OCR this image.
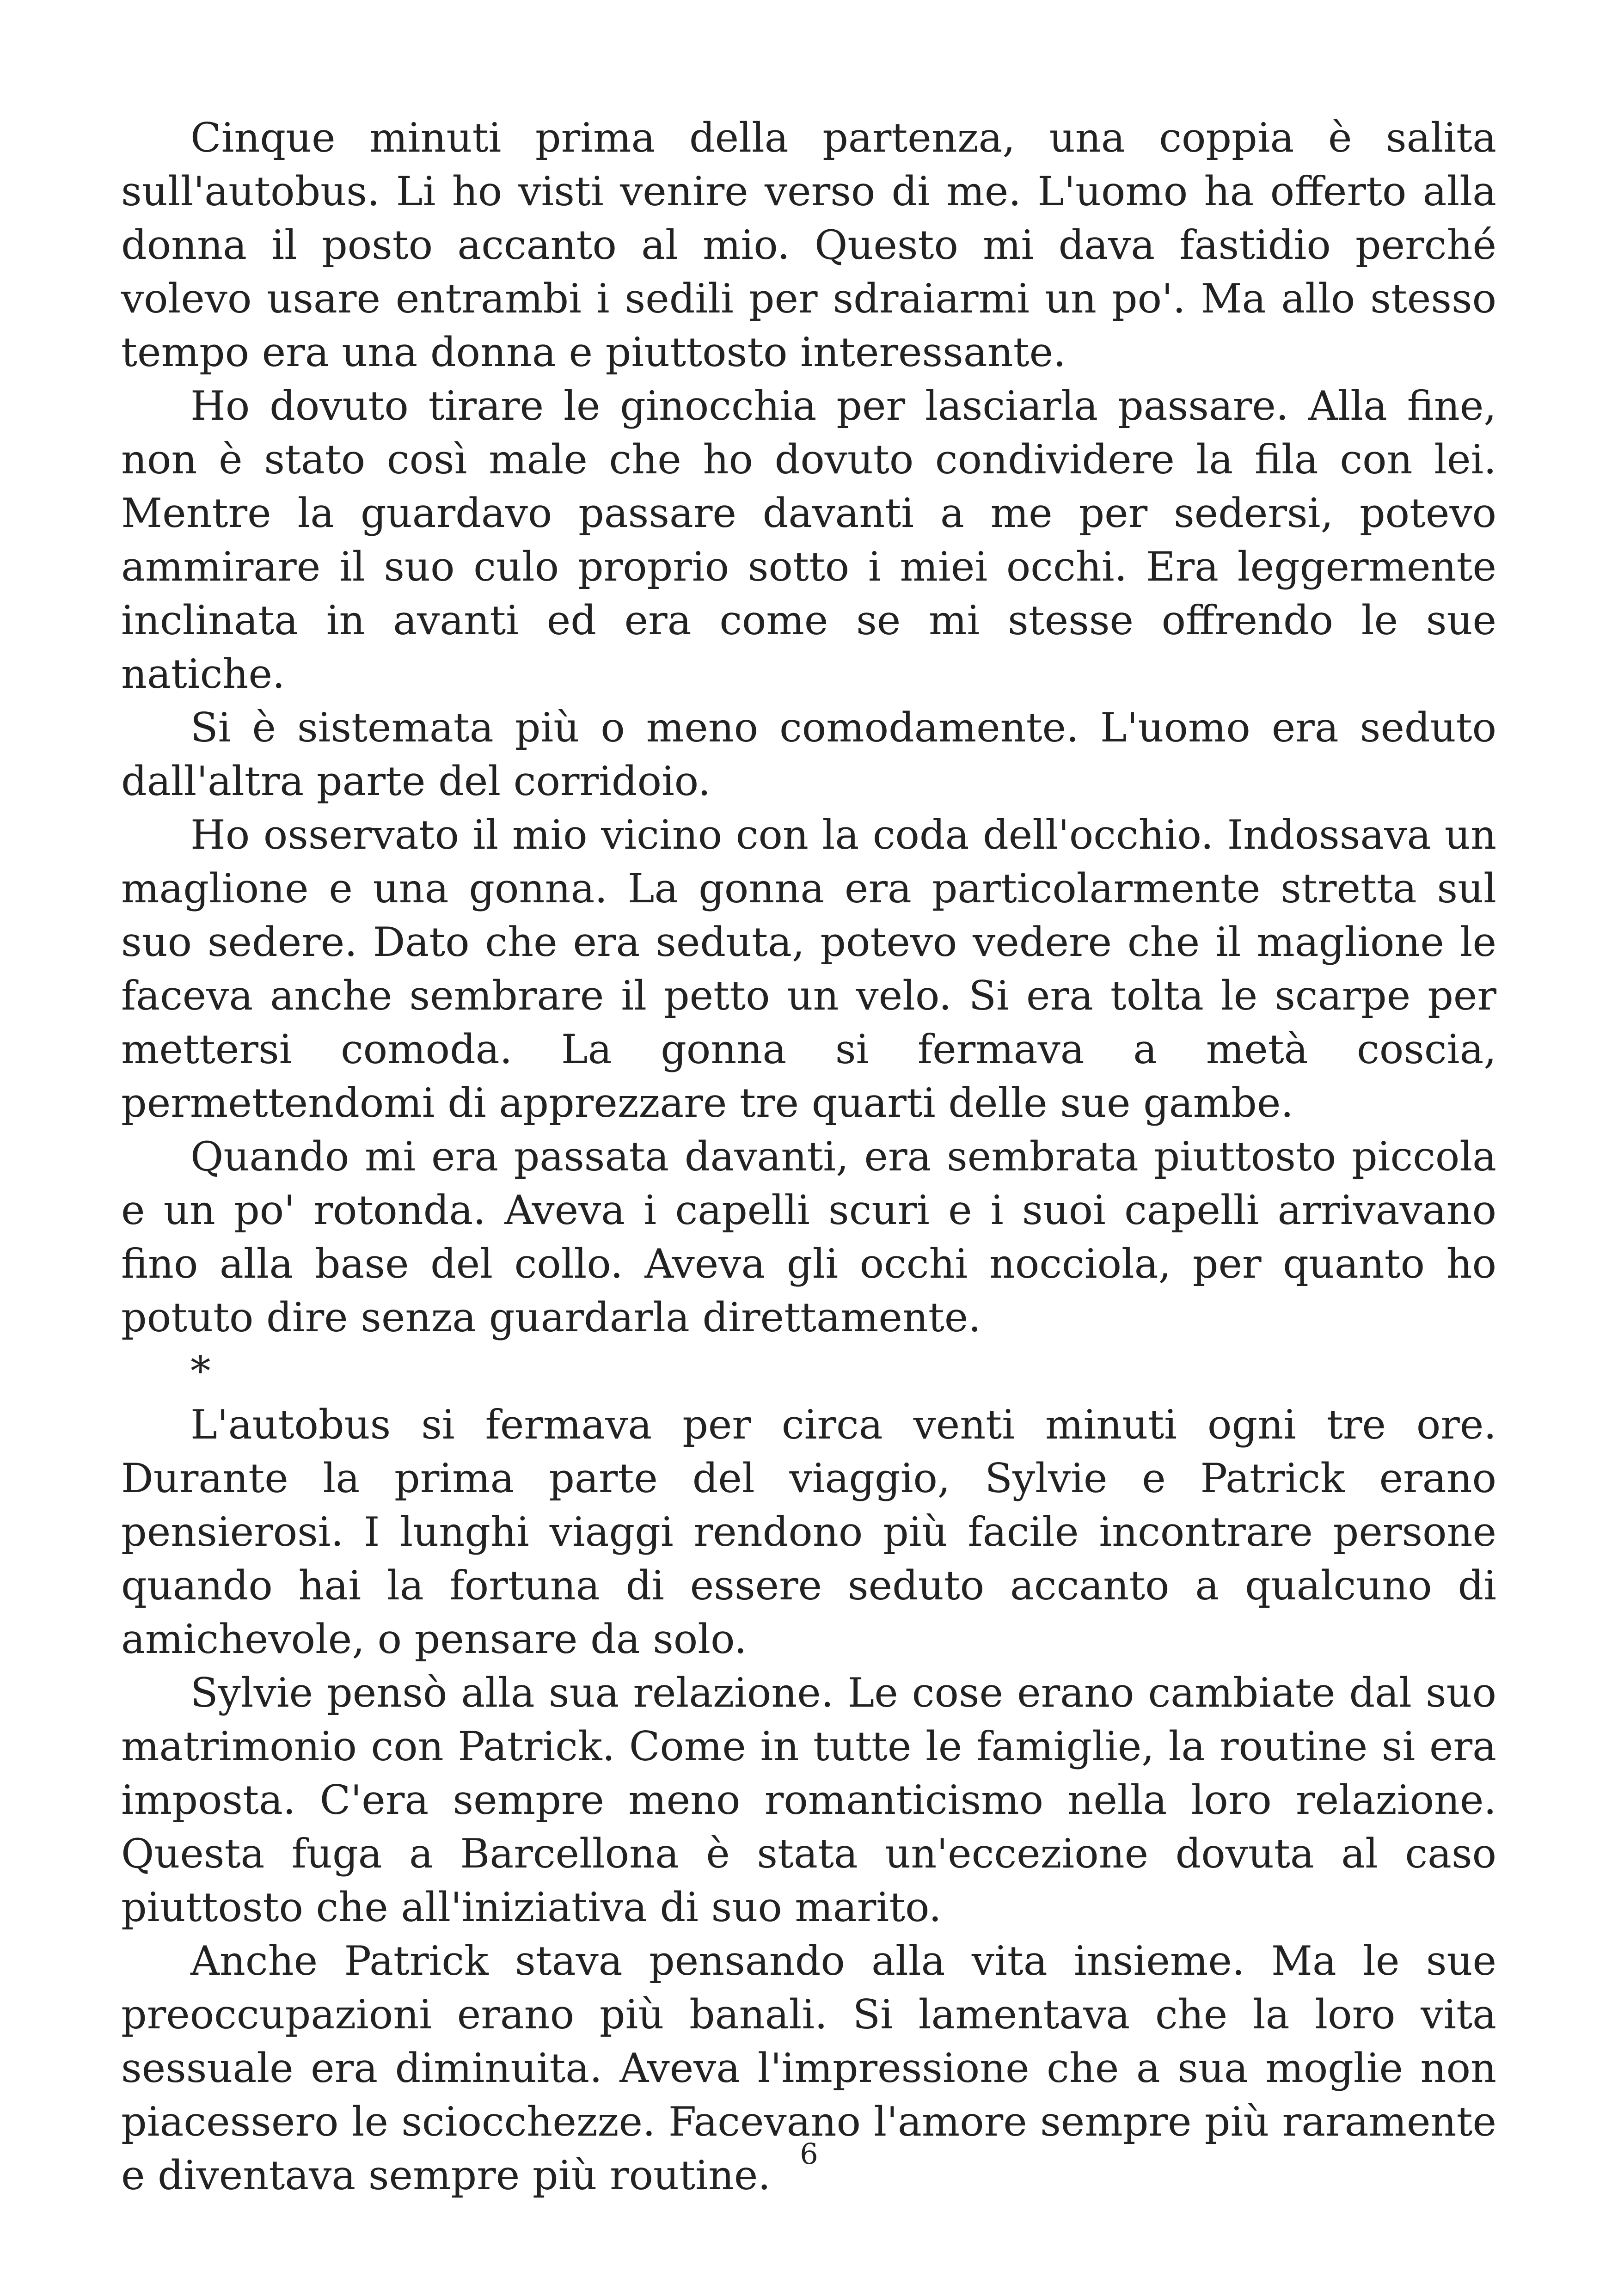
Cinque minuti prima della partenza, una coppia è salita sull'autobus. Li ho visti venire verso di me. L'uomo ha offerto alla donna il posto accanto al mio. Questo mi dava fastidio perché volevo usare entrambi i sedili per sdraiarmi un po'. Ma allo stesso tempo era una donna e piuttosto interessante.

Ho dovuto tirare le ginocchia per lasciarla passare. Alla fine, non è stato così male che ho dovuto condividere la fila con lei. Mentre la guardavo passare davanti a me per sedersi, potevo ammirare il suo culo proprio sotto i miei occhi. Era leggermente inclinata in avanti ed era come se mi stesse offrendo le sue natiche.

Si è sistemata più o meno comodamente. L'uomo era seduto dall'altra parte del corridoio.

Ho osservato il mio vicino con la coda dell'occhio. Indossava un maglione e una gonna. La gonna era particolarmente stretta sul suo sedere. Dato che era seduta, potevo vedere che il maglione le faceva anche sembrare il petto un velo. Si era tolta le scarpe per mettersi comoda. La gonna si fermava a metà coscia, permettendomi di apprezzare tre quarti delle sue gambe.

Quando mi era passata davanti, era sembrata piuttosto piccola e un po' rotonda. Aveva i capelli scuri e i suoi capelli arrivavano fino alla base del collo. Aveva gli occhi nocciola, per quanto ho potuto dire senza guardarla direttamente.

*

L'autobus si fermava per circa venti minuti ogni tre ore. Durante la prima parte del viaggio, Sylvie e Patrick erano pensierosi. I lunghi viaggi rendono più facile incontrare persone quando hai la fortuna di essere seduto accanto a qualcuno di amichevole, o pensare da solo.

Sylvie pensò alla sua relazione. Le cose erano cambiate dal suo matrimonio con Patrick. Come in tutte le famiglie, la routine si era imposta. C'era sempre meno romanticismo nella loro relazione. Questa fuga a Barcellona è stata un'eccezione dovuta al caso piuttosto che all'iniziativa di suo marito.

Anche Patrick stava pensando alla vita insieme. Ma le sue preoccupazioni erano più banali. Si lamentava che la loro vita sessuale era diminuita. Aveva l'impressione che a sua moglie non piacessero le sciocchezze. Facevano l'amore sempre più raramente e diventava sempre più routine.	6
